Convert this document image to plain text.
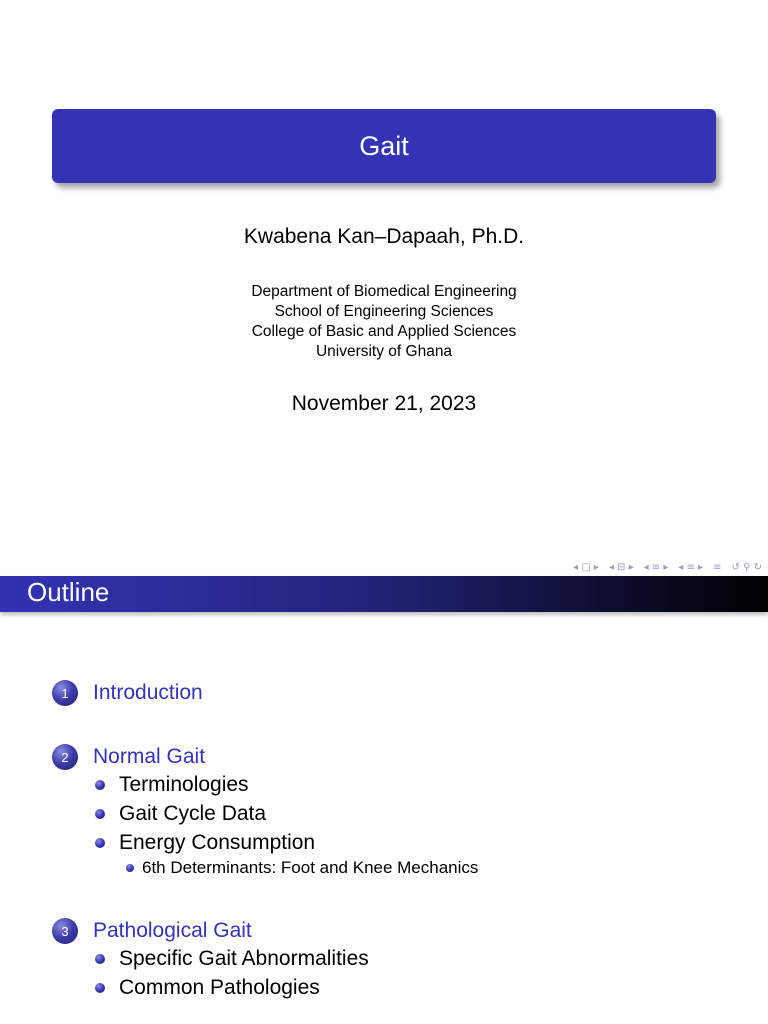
Gait
Kwabena Kan–Dapaah, Ph.D.
Department of Biomedical Engineering
School of Engineering Sciences
College of Basic and Applied Sciences
University of Ghana
November 21, 2023
◂ □ ▸ ◂ ⊟ ▸ ◂ ≡ ▸ ◂ ≡ ▸ ≡ ↺ ⚲ ↻
Outline
1	Introduction
2	Normal Gait
Terminologies
Gait Cycle Data
Energy Consumption
6th Determinants: Foot and Knee Mechanics
3	Pathological Gait
Specific Gait Abnormalities
Common Pathologies
